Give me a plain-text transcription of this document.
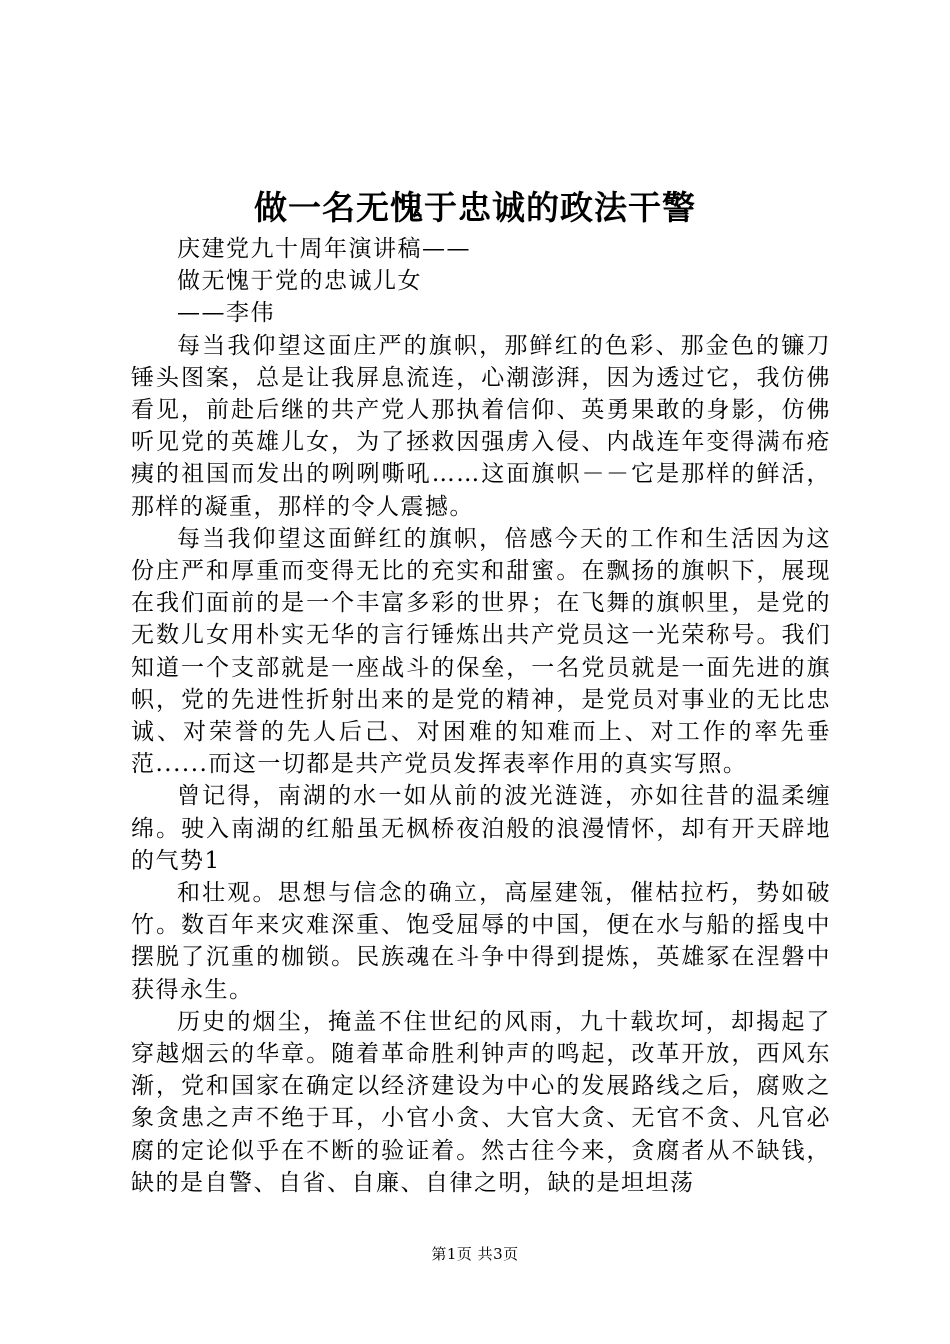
做一名无愧于忠诚的政法干警

庆建党九十周年演讲稿——

做无愧于党的忠诚儿女

——李伟

每当我仰望这面庄严的旗帜，那鲜红的色彩、那金色的镰刀锤头图案，总是让我屏息流连，心潮澎湃，因为透过它，我仿佛看见，前赴后继的共产党人那执着信仰、英勇果敢的身影，仿佛听见党的英雄儿女，为了拯救因强虏入侵、内战连年变得满布疮痍的祖国而发出的咧咧嘶吼……这面旗帜－－它是那样的鲜活，那样的凝重，那样的令人震撼。

每当我仰望这面鲜红的旗帜，倍感今天的工作和生活因为这份庄严和厚重而变得无比的充实和甜蜜。在飘扬的旗帜下，展现在我们面前的是一个丰富多彩的世界；在飞舞的旗帜里，是党的无数儿女用朴实无华的言行锤炼出共产党员这一光荣称号。我们知道一个支部就是一座战斗的保垒，一名党员就是一面先进的旗帜，党的先进性折射出来的是党的精神，是党员对事业的无比忠诚、对荣誉的先人后己、对困难的知难而上、对工作的率先垂范......而这一切都是共产党员发挥表率作用的真实写照。

曾记得，南湖的水一如从前的波光涟涟，亦如往昔的温柔缠绵。驶入南湖的红船虽无枫桥夜泊般的浪漫情怀，却有开天辟地的气势1

和壮观。思想与信念的确立，高屋建瓴，催枯拉朽，势如破竹。数百年来灾难深重、饱受屈辱的中国，便在水与船的摇曳中摆脱了沉重的枷锁。民族魂在斗争中得到提炼，英雄冢在涅磐中获得永生。

历史的烟尘，掩盖不住世纪的风雨，九十载坎坷，却揭起了穿越烟云的华章。随着革命胜利钟声的鸣起，改革开放，西风东渐，党和国家在确定以经济建设为中心的发展路线之后，腐败之象贪患之声不绝于耳，小官小贪、大官大贪、无官不贪、凡官必腐的定论似乎在不断的验证着。然古往今来，贪腐者从不缺钱，缺的是自警、自省、自廉、自律之明，缺的是坦坦荡

第1页 共3页
